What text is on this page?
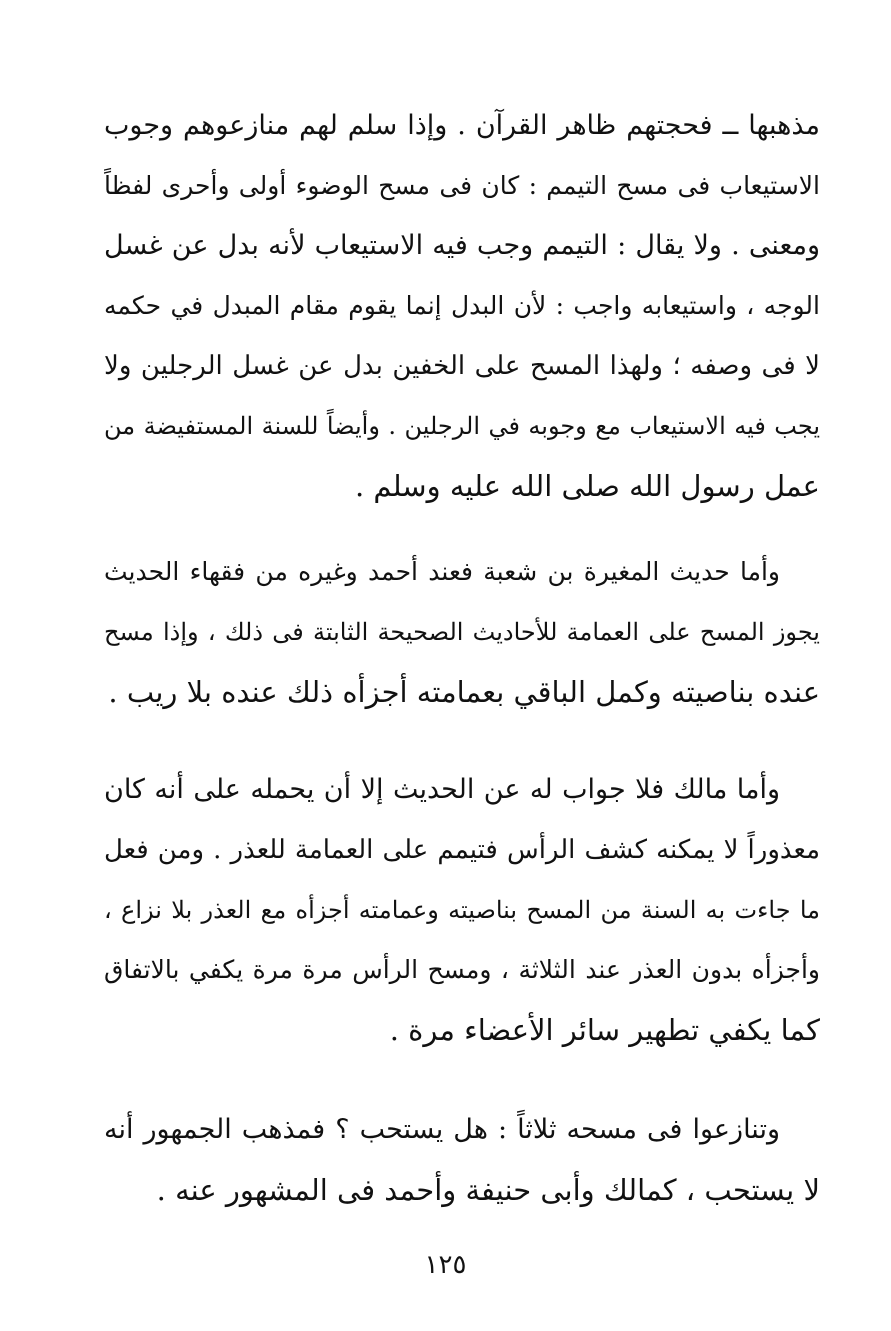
مذهبها ــ فحجتهم ظاهر القرآن . وإذا سلم لهم منازعوهم وجوب
الاستيعاب فى مسح التيمم : كان فى مسح الوضوء أولى وأحرى لفظاً
ومعنى . ولا يقال : التيمم وجب فيه الاستيعاب لأنه بدل عن غسل
الوجه ، واستيعابه واجب : لأن البدل إنما يقوم مقام المبدل في حكمه
لا فى وصفه ؛ ولهذا المسح على الخفين بدل عن غسل الرجلين ولا
يجب فيه الاستيعاب مع وجوبه في الرجلين . وأيضاً للسنة المستفيضة من
عمل رسول الله صلى الله عليه وسلم .
وأما حديث المغيرة بن شعبة فعند أحمد وغيره من فقهاء الحديث
يجوز المسح على العمامة للأحاديث الصحيحة الثابتة فى ذلك ، وإذا مسح
عنده بناصيته وكمل الباقي بعمامته أجزأه ذلك عنده بلا ريب .
وأما مالك فلا جواب له عن الحديث إلا أن يحمله على أنه كان
معذوراً لا يمكنه كشف الرأس فتيمم على العمامة للعذر . ومن فعل
ما جاءت به السنة من المسح بناصيته وعمامته أجزأه مع العذر بلا نزاع ،
وأجزأه بدون العذر عند الثلاثة ، ومسح الرأس مرة مرة يكفي بالاتفاق
كما يكفي تطهير سائر الأعضاء مرة .
وتنازعوا فى مسحه ثلاثاً : هل يستحب ؟ فمذهب الجمهور أنه
لا يستحب ، كمالك وأبى حنيفة وأحمد فى المشهور عنه .
١٢٥
